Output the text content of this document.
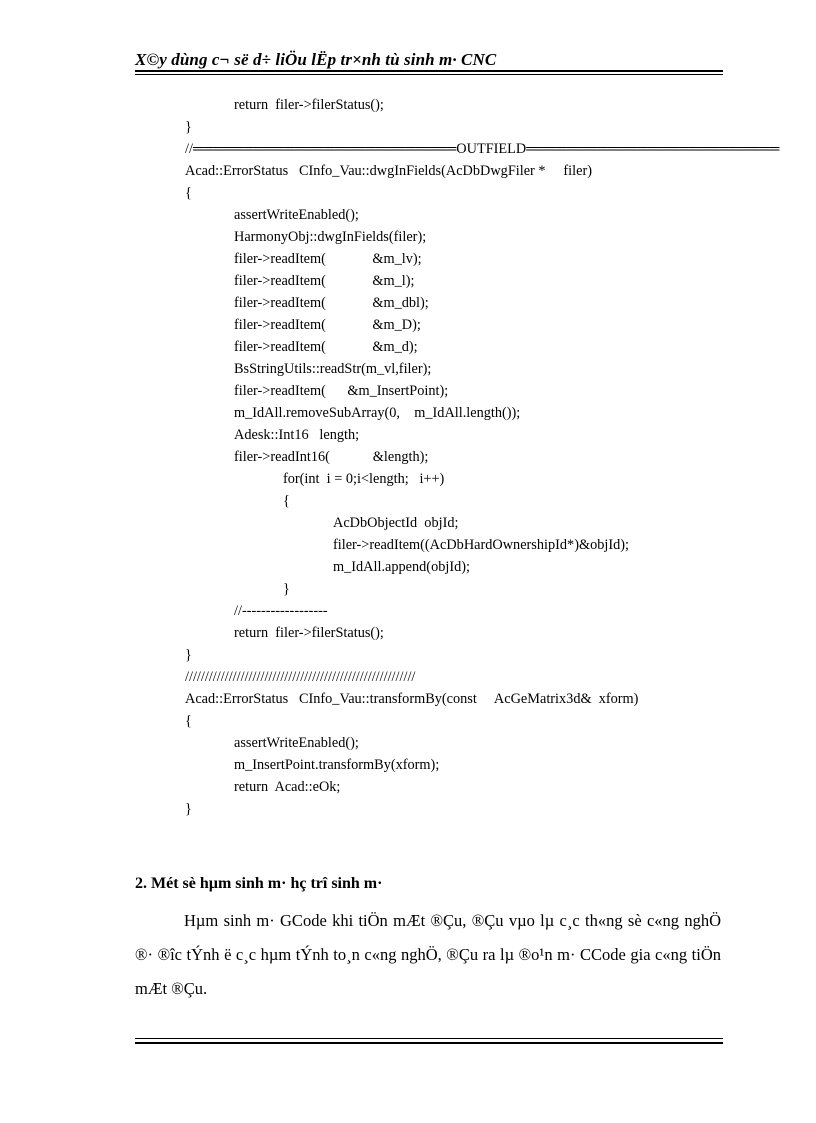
X©y dùng c¬ së d÷ liÖu lËp tr×nh tù sinh m· CNC
return  filer->filerStatus();
}
//══════════════════════════OUTFIELD═════════════════════════
Acad::ErrorStatus   CInfo_Vau::dwgInFields(AcDbDwgFiler *     filer)
{
assertWriteEnabled();
HarmonyObj::dwgInFields(filer);
filer->readItem(             &m_lv);
filer->readItem(             &m_l);
filer->readItem(             &m_dbl);
filer->readItem(             &m_D);
filer->readItem(             &m_d);
BsStringUtils::readStr(m_vl,filer);
filer->readItem(      &m_InsertPoint);
m_IdAll.removeSubArray(0,    m_IdAll.length());
Adesk::Int16   length;
filer->readInt16(            &length);
for(int  i = 0;i<length;   i++)
{
AcDbObjectId  objId;
filer->readItem((AcDbHardOwnershipId*)&objId);
m_IdAll.append(objId);
}
//------------------
return  filer->filerStatus();
}
//////////////////////////////////////////////////////////
Acad::ErrorStatus   CInfo_Vau::transformBy(const     AcGeMatrix3d&  xform)
{
assertWriteEnabled();
m_InsertPoint.transformBy(xform);
return  Acad::eOk;
}
2. Mét sè hµm sinh m· hç trî sinh m·
Hµm sinh m· GCode khi tiÖn mÆt ®Çu, ®Çu vµo lµ c¸c th«ng sè c«ng nghÖ ®· ®îc tÝnh ë c¸c hµm tÝnh to¸n c«ng nghÖ, ®Çu ra lµ ®o¹n m· CCode gia c«ng tiÖn mÆt ®Çu.
